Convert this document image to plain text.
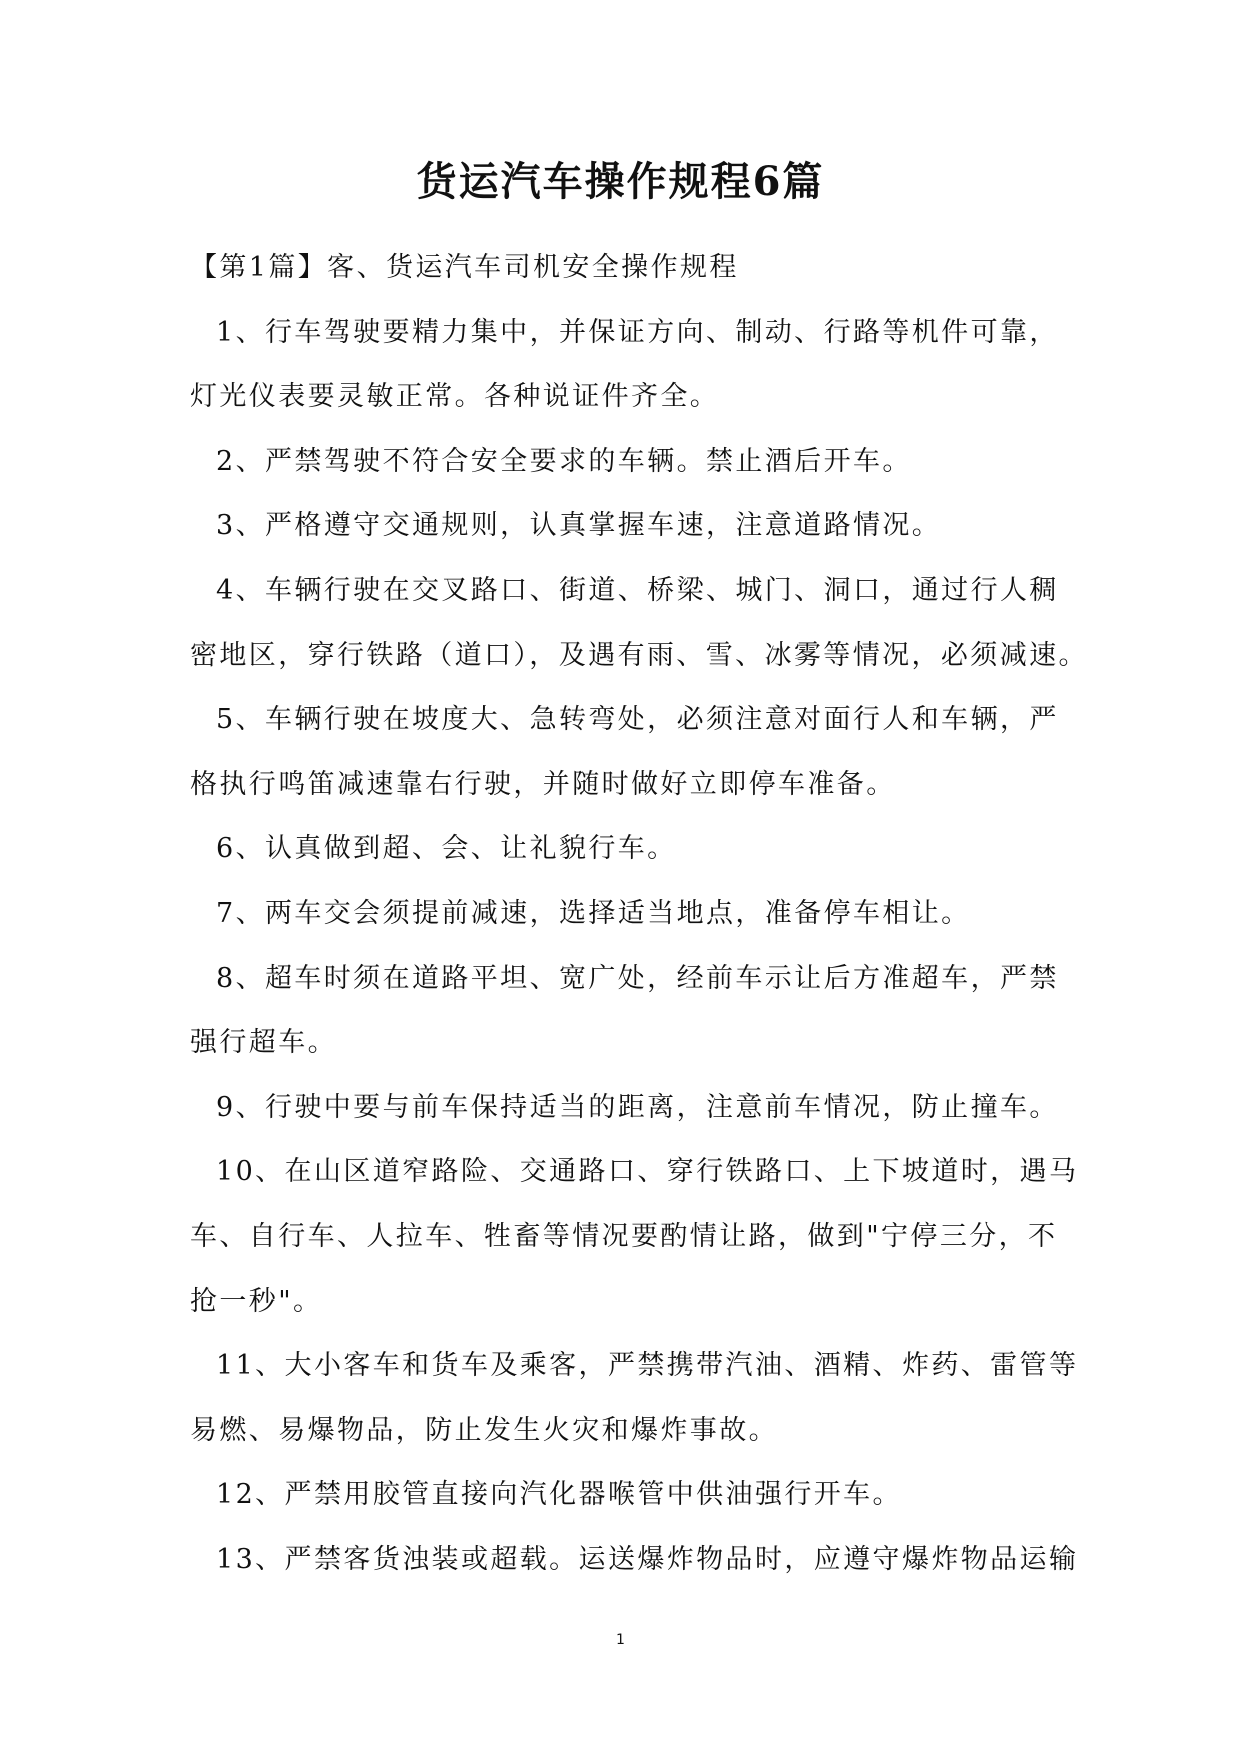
货运汽车操作规程6篇

【第1篇】客、货运汽车司机安全操作规程

1、行车驾驶要精力集中，并保证方向、制动、行路等机件可靠，

灯光仪表要灵敏正常。各种说证件齐全。

2、严禁驾驶不符合安全要求的车辆。禁止酒后开车。

3、严格遵守交通规则，认真掌握车速，注意道路情况。

4、车辆行驶在交叉路口、街道、桥梁、城门、洞口，通过行人稠

密地区，穿行铁路（道口），及遇有雨、雪、冰雾等情况，必须减速。

5、车辆行驶在坡度大、急转弯处，必须注意对面行人和车辆，严

格执行鸣笛减速靠右行驶，并随时做好立即停车准备。

6、认真做到超、会、让礼貌行车。

7、两车交会须提前减速，选择适当地点，准备停车相让。

8、超车时须在道路平坦、宽广处，经前车示让后方准超车，严禁

强行超车。

9、行驶中要与前车保持适当的距离，注意前车情况，防止撞车。

10、在山区道窄路险、交通路口、穿行铁路口、上下坡道时，遇马

车、自行车、人拉车、牲畜等情况要酌情让路，做到"宁停三分，不

抢一秒"。

11、大小客车和货车及乘客，严禁携带汽油、酒精、炸药、雷管等

易燃、易爆物品，防止发生火灾和爆炸事故。

12、严禁用胶管直接向汽化器喉管中供油强行开车。

13、严禁客货浊装或超载。运送爆炸物品时，应遵守爆炸物品运输

1
